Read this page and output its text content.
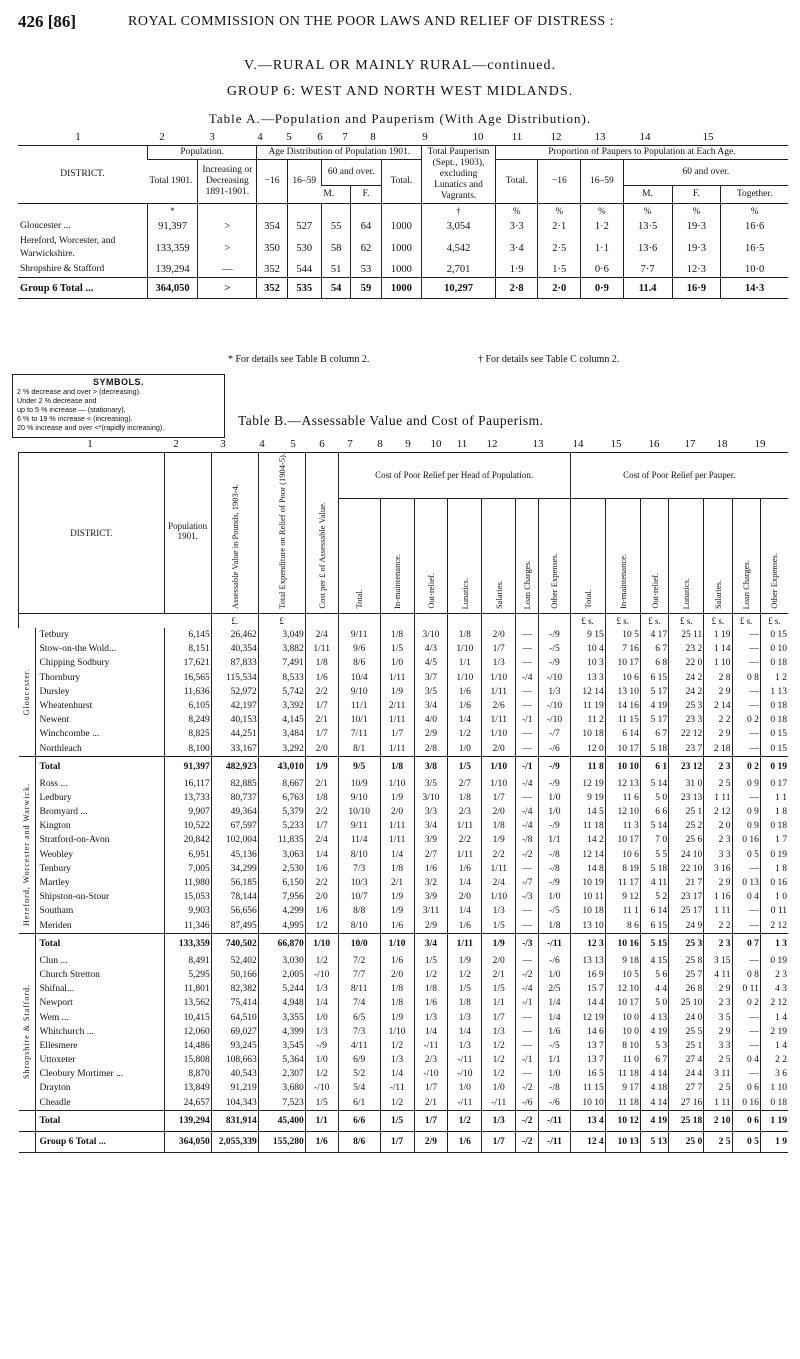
426 [86]	ROYAL COMMISSION ON THE POOR LAWS AND RELIEF OF DISTRESS :
V.—RURAL OR MAINLY RURAL—continued.
GROUP 6: WEST AND NORTH WEST MIDLANDS.
Table A.—Population and Pauperism (With Age Distribution).
1	2	3	4	5	6	7	8	9	10	11	12	13	14	15
DISTRICT.	Population.		Age Distribution of Population 1901.					Total Pauperism (Sept., 1903), excluding Lunatics and Vagrants.	Proportion of Paupers to Population at Each Age.					
	Total 1901.	Increasing or Decreasing 1891-1901.	−16	16–59	60 and over.		Total.		Total.	−16	16–59	60 and over.		
					M.	F.						M.	F.	Together.
	*							†	%	%	%	%	%	%
Gloucester ...	91,397	>	354	527	55	64	1000	3,054	3·3	2·1	1·2	13·5	19·3	16·6
Hereford, Worcester, and Warwickshire.	133,359	>	350	530	58	62	1000	4,542	3·4	2·5	1·1	13·6	19·3	16·5
Shropshire & Stafford	139,294	—	352	544	51	53	1000	2,701	1·9	1·5	0·6	7·7	12·3	10·0
Group 6 Total ...	364,050	>	352	535	54	59	1000	10,297	2·8	2·0	0·9	11.4	16·9	14·3
* For details see Table B column 2.	† For details see Table C column 2.
SYMBOLS.
2 % decrease and over > (decreasing).
Under 2 % decrease and
up to 5 % increase — (stationary).
6 % to 19 % increase < (increasing).
20 % increase and over <*(rapidly increasing).	Table B.—Assessable Value and Cost of Pauperism.
1	2	3	4	5	6	7	8	9	10	11	12	13	14	15	16	17	18	19
DISTRICT.		Population 1901.	Assessable Value in Pounds, 1903-4.	Total Expenditure on Relief of Poor (1904-5).	Cost per £ of Assessable Value.	Cost of Poor Relief per Head of Population.							Cost of Poor Relief per Pauper.						

						Total.	In-maintenance.	Out-relief.	Lunatics.	Salaries.	Loan Charges.	Other Expenses.	Total.	In-maintenance.	Out-relief.	Lunatics.	Salaries.	Loan Charges.	Other Expenses.

			£.	£									£ s.	£ s.	£ s.	£ s.	£ s.	£ s.	£ s.

Gloucester.	Tetbury	6,145	26,462	3,049	2/4	9/11	1/8	3/10	1/8	2/0	—	-/9	9 15	10 5	4 17	25 11	1 19	—	0 15
	Stow-on-the Wold...	8,151	40,354	3,882	1/11	9/6	1/5	4/3	1/10	1/7	—	-/5	10 4	7 16	6 7	23 2	1 14	—	0 10
	Chipping Sodbury	17,621	87,833	7,491	1/8	8/6	1/0	4/5	1/1	1/3	—	-/9	10 3	10 17	6 8	22 0	1 10	—	0 18
	Thornbury	16,565	115,534	8,533	1/6	10/4	1/11	3/7	1/10	1/10	-/4	-/10	13 3	10 6	6 15	24 2	2 8	0 8	1 2
	Dursley	11,636	52,972	5,742	2/2	9/10	1/9	3/5	1/6	1/11	—	1/3	12 14	13 10	5 17	24 2	2 9	—	1 13
	Wheatenhurst	6,105	42,197	3,392	1/7	11/1	2/11	3/4	1/6	2/6	—	-/10	11 19	14 16	4 19	25 3	2 14	—	0 18
	Newent	8,249	40,153	4,145	2/1	10/1	1/11	4/0	1/4	1/11	-/1	-/10	11 2	11 15	5 17	23 3	2 2	0 2	0 18
	Winchcombe ...	8,825	44,251	3,484	1/7	7/11	1/7	2/9	1/2	1/10	—	-/7	10 18	6 14	6 7	22 12	2 9	—	0 15
	Northleach	8,100	33,167	3,292	2/0	8/1	1/11	2/8	1/0	2/0	—	-/6	12 0	10 17	5 18	23 7	2 18	—	0 15
	Total	91,397	482,923	43,010	1/9	9/5	1/8	3/8	1/5	1/10	-/1	-/9	11 8	10 10	6 1	23 12	2 3	0 2	0 19

Hereford, Worcester and Warwick.	Ross ...	16,117	82,885	8,667	2/1	10/9	1/10	3/5	2/7	1/10	-/4	-/9	12 19	12 13	5 14	31 0	2 5	0 9	0 17
	Ledbury	13,733	80,737	6,763	1/8	9/10	1/9	3/10	1/8	1/7	—	1/0	9 19	11 6	5 0	23 13	1 11	—	1 1
	Bromyard ...	9,907	49,364	5,379	2/2	10/10	2/0	3/3	2/3	2/0	-/4	1/0	14 5	12 10	6 6	25 1	2 12	0 9	1 8
	Kington	10,522	67,597	5,233	1/7	9/11	1/11	3/4	1/11	1/8	-/4	-/9	11 18	11 3	5 14	25 2	2 0	0 9	0 18
	Stratford-on-Avon	20,842	102,004	11,835	2/4	11/4	1/11	3/9	2/2	1/9	-/8	1/1	14 2	10 17	7 0	25 6	2 3	0 16	1 7
	Weobley	6,951	45,136	3,063	1/4	8/10	1/4	2/7	1/11	2/2	-/2	-/8	12 14	10 6	5 5	24 10	3 3	0 5	0 19
	Tenbury	7,005	34,299	2,530	1/6	7/3	1/8	1/6	1/6	1/11	—	-/8	14 8	8 19	5 18	22 10	3 16	—	1 8
	Martley	11,980	56,185	6,150	2/2	10/3	2/1	3/2	1/4	2/4	-/7	-/9	10 19	11 17	4 11	21 7	2 9	0 13	0 16
	Shipston-on-Stour	15,053	78,144	7,956	2/0	10/7	1/9	3/9	2/0	1/10	-/3	1/0	10 11	9 12	5 2	23 17	1 16	0 4	1 0
	Southam	9,903	56,656	4,299	1/6	8/8	1/9	3/11	1/4	1/3	—	-/5	10 18	11 1	6 14	25 17	1 11	—	0 11
	Meriden	11,346	87,495	4,995	1/2	8/10	1/6	2/9	1/6	1/5	—	1/8	13 10	8 6	6 15	24 9	2 2	—	2 12
	Total	133,359	740,502	66,870	1/10	10/0	1/10	3/4	1/11	1/9	-/3	-/11	12 3	10 16	5 15	25 3	2 3	0 7	1 3

Shropshire & Stafford.	Clun ...	8,491	52,402	3,030	1/2	7/2	1/6	1/5	1/9	2/0	—	-/6	13 13	9 18	4 15	25 8	3 15	—	0 19
	Church Stretton	5,295	50,166	2,005	-/10	7/7	2/0	1/2	1/2	2/1	-/2	1/0	16 9	10 5	5 6	25 7	4 11	0 8	2 3
	Shifnal...	11,801	82,382	5,244	1/3	8/11	1/8	1/8	1/5	1/5	-/4	2/5	15 7	12 10	4 4	26 8	2 9	0 11	4 3
	Newport	13,562	75,414	4,948	1/4	7/4	1/8	1/6	1/8	1/1	-/1	1/4	14 4	10 17	5 0	25 10	2 3	0 2	2 12
	Wem ...	10,415	64,510	3,355	1/0	6/5	1/9	1/3	1/3	1/7	—	1/4	12 19	10 0	4 13	24 0	3 5	—	1 4
	Whitchurch ...	12,060	69,027	4,399	1/3	7/3	1/10	1/4	1/4	1/3	—	1/6	14 6	10 0	4 19	25 5	2 9	—	2 19
	Ellesmere	14,486	93,245	3,545	-/9	4/11	1/2	-/11	1/3	1/2	—	-/5	13 7	8 10	5 3	25 1	3 3	—	1 4
	Uttoxeter	15,808	108,663	5,364	1/0	6/9	1/3	2/3	-/11	1/2	-/1	1/1	13 7	11 0	6 7	27 4	2 5	0 4	2 2
	Cleobury Mortimer ...	8,870	40,543	2,307	1/2	5/2	1/4	-/10	-/10	1/2	—	1/0	16 5	11 18	4 14	24 4	3 11	—	3 6
	Drayton	13,849	91,219	3,680	-/10	5/4	-/11	1/7	1/0	1/0	-/2	-/8	11 15	9 17	4 18	27 7	2 5	0 6	1 10
	Cheadle	24,657	104,343	7,523	1/5	6/1	1/2	2/1	-/11	-/11	-/6	-/6	10 10	11 18	4 14	27 16	1 11	0 16	0 18
	Total	139,294	831,914	45,400	1/1	6/6	1/5	1/7	1/2	1/3	-/2	-/11	13 4	10 12	4 19	25 18	2 10	0 6	1 19
	Group 6 Total ...	364,050	2,055,339	155,280	1/6	8/6	1/7	2/9	1/6	1/7	-/2	-/11	12 4	10 13	5 13	25 0	2 5	0 5	1 9
